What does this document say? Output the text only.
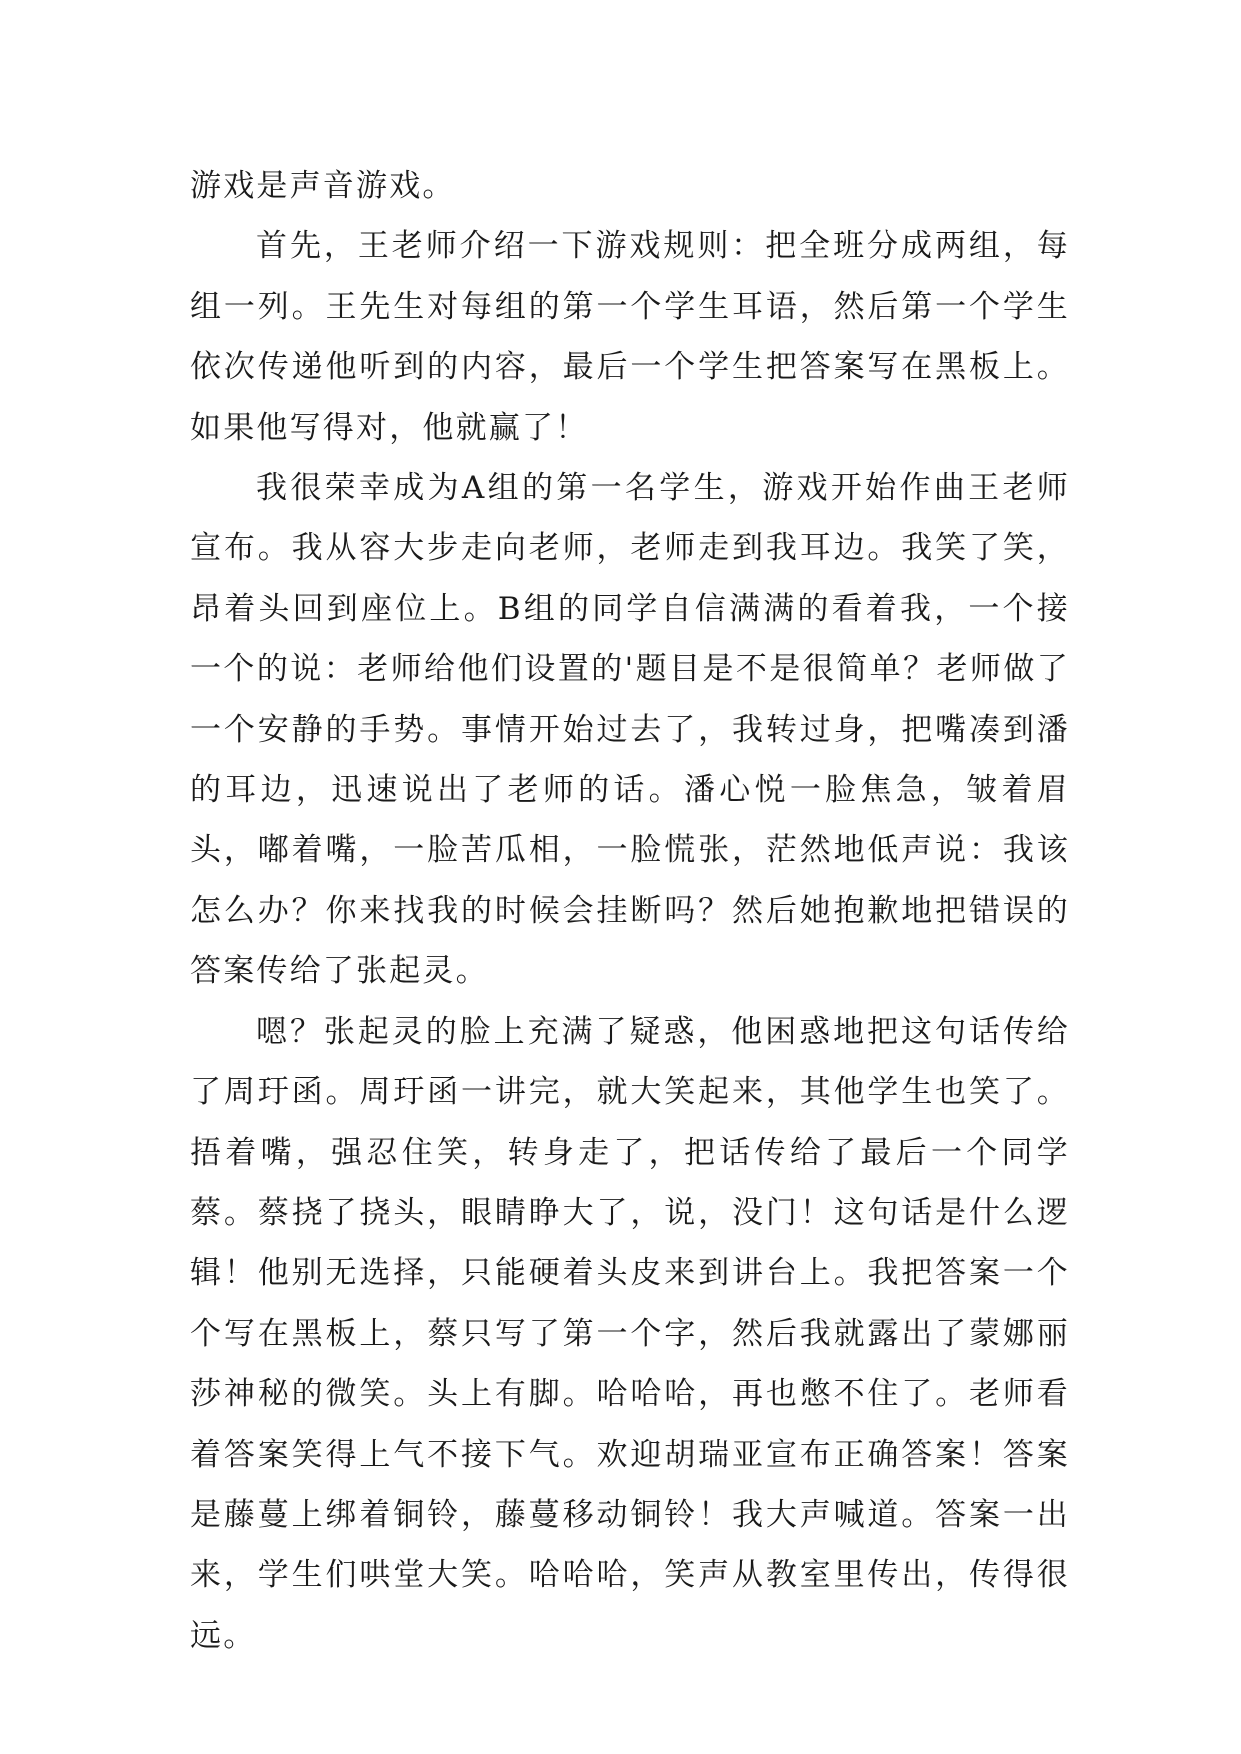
游戏是声音游戏。

首先，王老师介绍一下游戏规则：把全班分成两组，每组一列。王先生对每组的第一个学生耳语，然后第一个学生依次传递他听到的内容，最后一个学生把答案写在黑板上。如果他写得对，他就赢了！

我很荣幸成为A组的第一名学生，游戏开始作曲王老师宣布。我从容大步走向老师，老师走到我耳边。我笑了笑，昂着头回到座位上。B组的同学自信满满的看着我，一个接一个的说：老师给他们设置的'题目是不是很简单？老师做了一个安静的手势。事情开始过去了，我转过身，把嘴凑到潘的耳边，迅速说出了老师的话。潘心悦一脸焦急，皱着眉头，嘟着嘴，一脸苦瓜相，一脸慌张，茫然地低声说：我该怎么办？你来找我的时候会挂断吗？然后她抱歉地把错误的答案传给了张起灵。

嗯？张起灵的脸上充满了疑惑，他困惑地把这句话传给了周玗函。周玗函一讲完，就大笑起来，其他学生也笑了。捂着嘴，强忍住笑，转身走了，把话传给了最后一个同学蔡。蔡挠了挠头，眼睛睁大了，说，没门！这句话是什么逻辑！他别无选择，只能硬着头皮来到讲台上。我把答案一个个写在黑板上，蔡只写了第一个字，然后我就露出了蒙娜丽莎神秘的微笑。头上有脚。哈哈哈，再也憋不住了。老师看着答案笑得上气不接下气。欢迎胡瑞亚宣布正确答案！答案是藤蔓上绑着铜铃，藤蔓移动铜铃！我大声喊道。答案一出来，学生们哄堂大笑。哈哈哈，笑声从教室里传出，传得很远。
